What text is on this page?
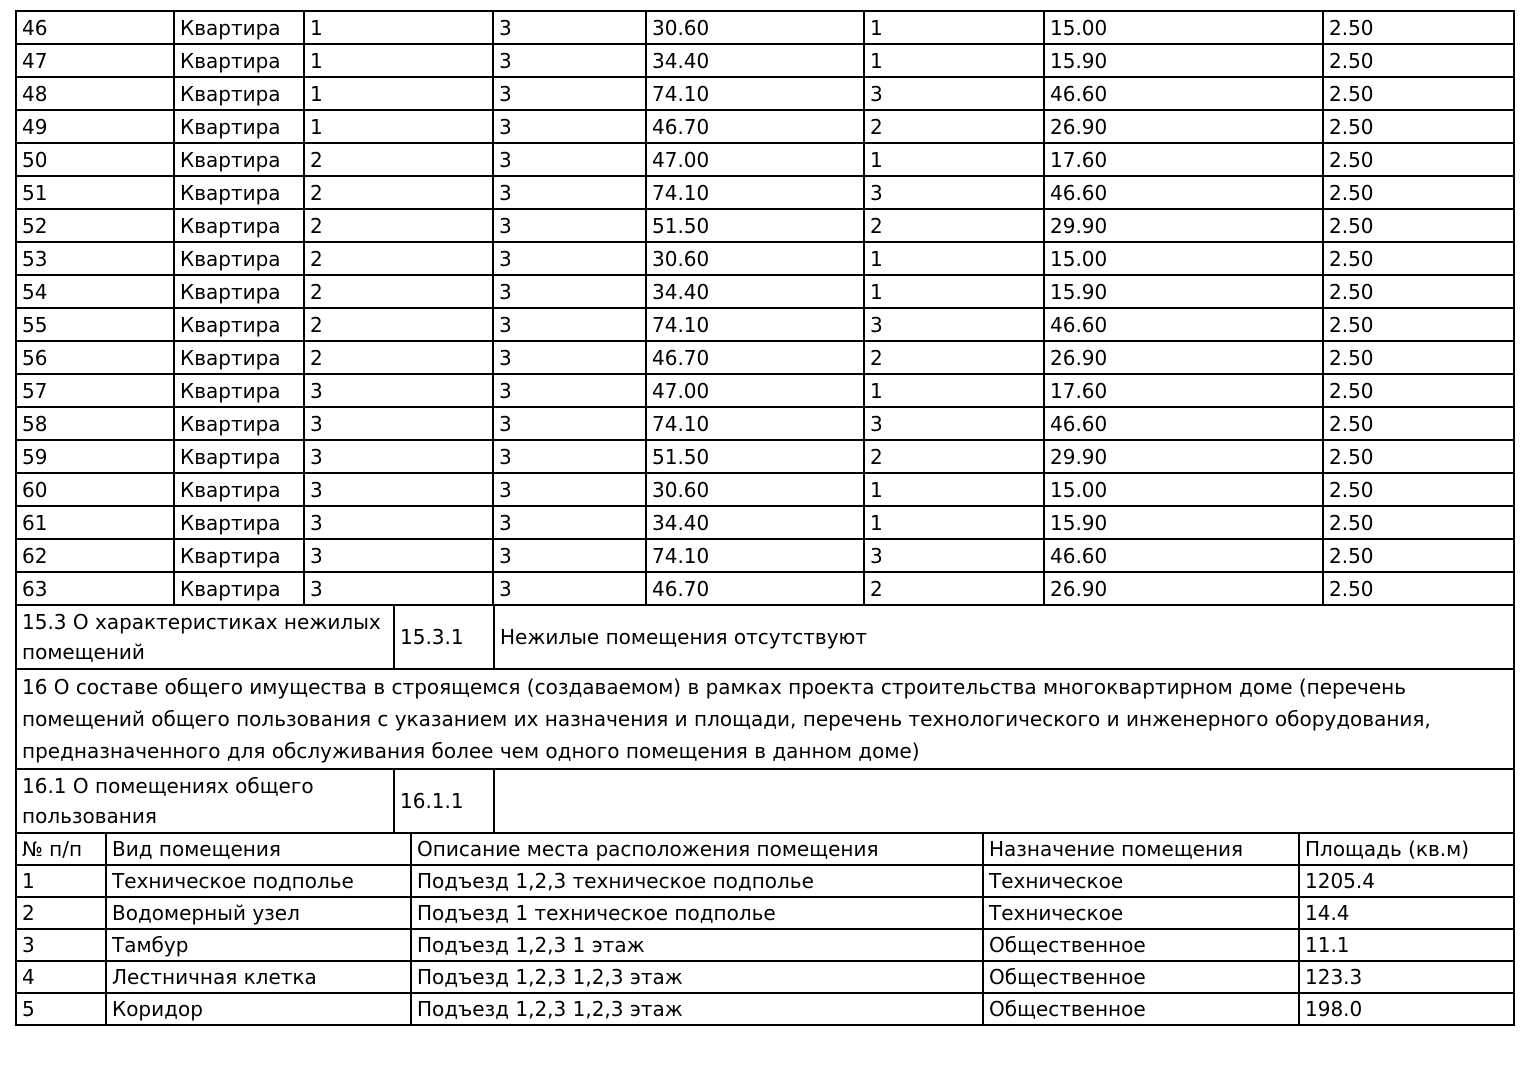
46	Квартира	1	3	30.60	1	15.00	2.50
47	Квартира	1	3	34.40	1	15.90	2.50
48	Квартира	1	3	74.10	3	46.60	2.50
49	Квартира	1	3	46.70	2	26.90	2.50
50	Квартира	2	3	47.00	1	17.60	2.50
51	Квартира	2	3	74.10	3	46.60	2.50
52	Квартира	2	3	51.50	2	29.90	2.50
53	Квартира	2	3	30.60	1	15.00	2.50
54	Квартира	2	3	34.40	1	15.90	2.50
55	Квартира	2	3	74.10	3	46.60	2.50
56	Квартира	2	3	46.70	2	26.90	2.50
57	Квартира	3	3	47.00	1	17.60	2.50
58	Квартира	3	3	74.10	3	46.60	2.50
59	Квартира	3	3	51.50	2	29.90	2.50
60	Квартира	3	3	30.60	1	15.00	2.50
61	Квартира	3	3	34.40	1	15.90	2.50
62	Квартира	3	3	74.10	3	46.60	2.50
63	Квартира	3	3	46.70	2	26.90	2.50
15.3 О характеристиках нежилых помещений	15.3.1	Нежилые помещения отсутствуют
16 О составе общего имущества в строящемся (создаваемом) в рамках проекта строительства многоквартирном доме (перечень помещений общего пользования с указанием их назначения и площади, перечень технологического и инженерного оборудования, предназначенного для обслуживания более чем одного помещения в данном доме)
16.1 О помещениях общего пользования	16.1.1	
№ п/п	Вид помещения	Описание места расположения помещения	Назначение помещения	Площадь (кв.м)
1	Техническое подполье	Подъезд 1,2,3 техническое подполье	Техническое	1205.4
2	Водомерный узел	Подъезд 1 техническое подполье	Техническое	14.4
3	Тамбур	Подъезд 1,2,3 1 этаж	Общественное	11.1
4	Лестничная клетка	Подъезд 1,2,3 1,2,3 этаж	Общественное	123.3
5	Коридор	Подъезд 1,2,3 1,2,3 этаж	Общественное	198.0
